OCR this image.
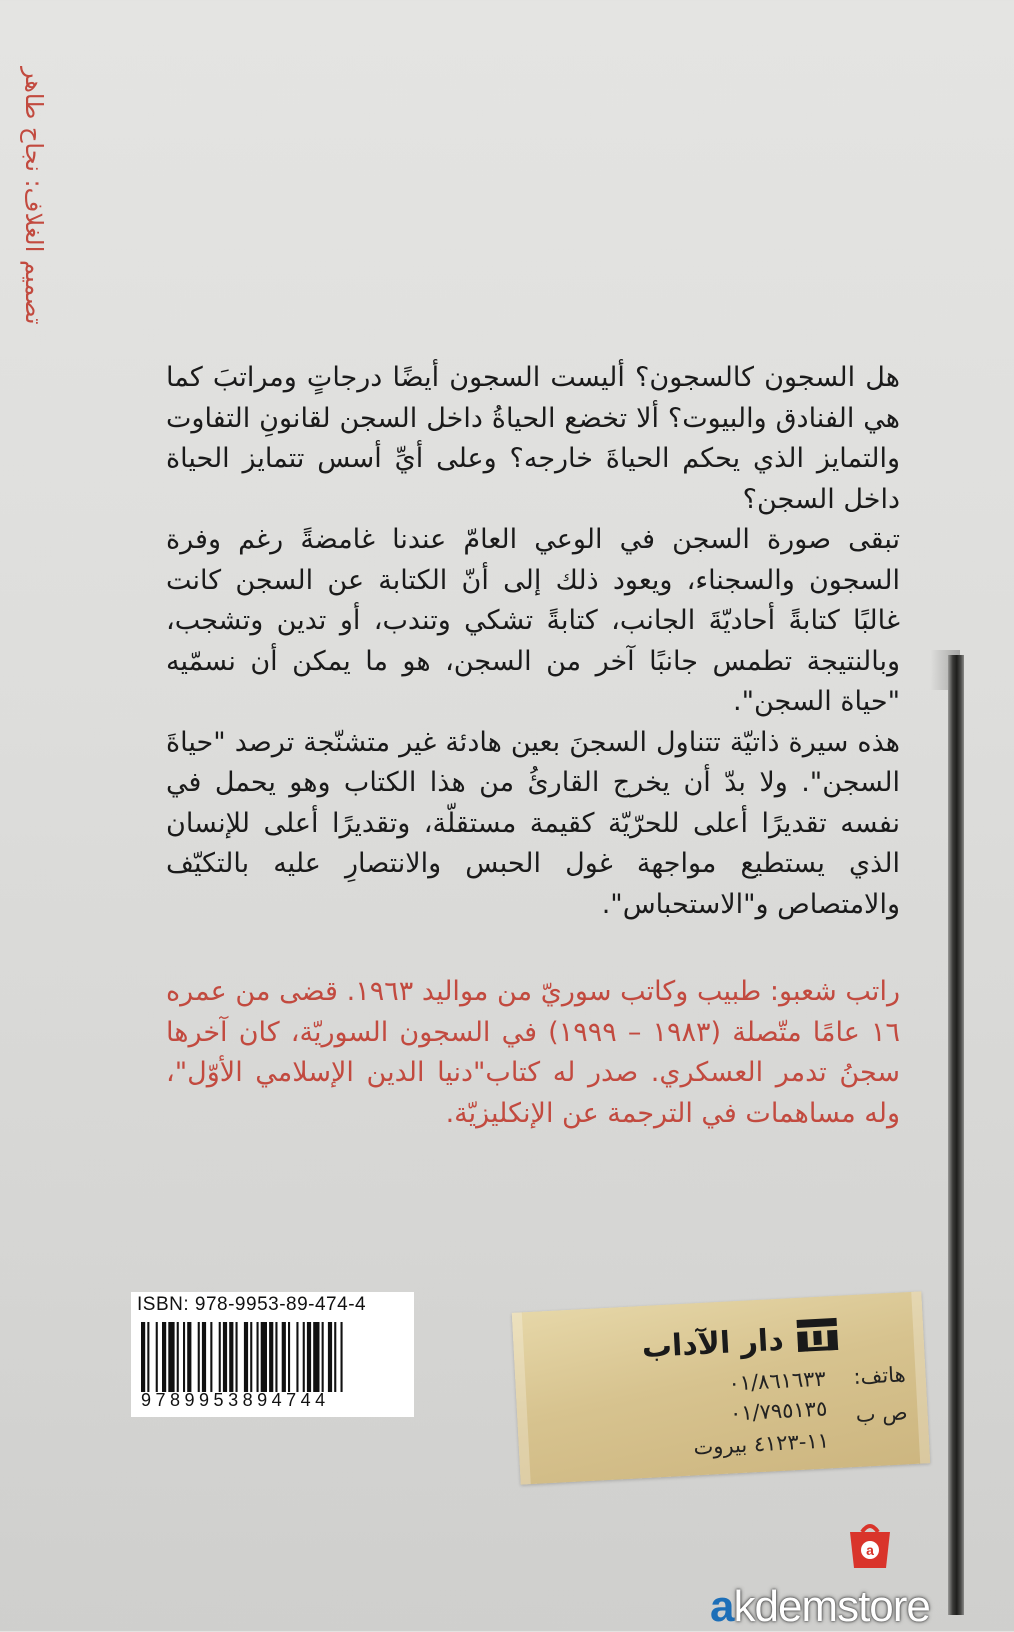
تصميم الغلاف: نجاح طاهر

هل السجون كالسجون؟ أليست السجون أيضًا درجاتٍ ومراتبَ كما هي الفنادق والبيوت؟ ألا تخضع الحياةُ داخل السجن لقانونِ التفاوت والتمايز الذي يحكم الحياةَ خارجه؟ وعلى أيِّ أسس تتمايز الحياة داخل السجن؟

تبقى صورة السجن في الوعي العامّ عندنا غامضةً رغم وفرة السجون والسجناء، ويعود ذلك إلى أنّ الكتابة عن السجن كانت غالبًا كتابةً أحاديّةَ الجانب، كتابةً تشكي وتندب، أو تدين وتشجب، وبالنتيجة تطمس جانبًا آخر من السجن، هو ما يمكن أن نسمّيه "حياة السجن".

هذه سيرة ذاتيّة تتناول السجنَ بعين هادئة غير متشنّجة ترصد "حياةَ السجن". ولا بدّ أن يخرج القارئُ من هذا الكتاب وهو يحمل في نفسه تقديرًا أعلى للحرّيّة كقيمة مستقلّة، وتقديرًا أعلى للإنسان الذي يستطيع مواجهة غول الحبس والانتصارِ عليه بالتكيّف والامتصاص و"الاستحباس".

راتب شعبو: طبيب وكاتب سوريّ من مواليد ١٩٦٣. قضى من عمره ١٦ عامًا متّصلة (١٩٨٣ – ١٩٩٩) في السجون السوريّة، كان آخرها سجنُ تدمر العسكري. صدر له كتاب"دنيا الدين الإسلامي الأوّل"، وله مساهمات في الترجمة عن الإنكليزيّة.

ISBN: 978-9953-89-474-4
9789953894744
دار الآداب
هاتف:
٠١/٨٦١٦٣٣
٠١/٧٩٥١٣٥ ص ب
١١-٤١٢٣ بيروت
a
akdemstore
